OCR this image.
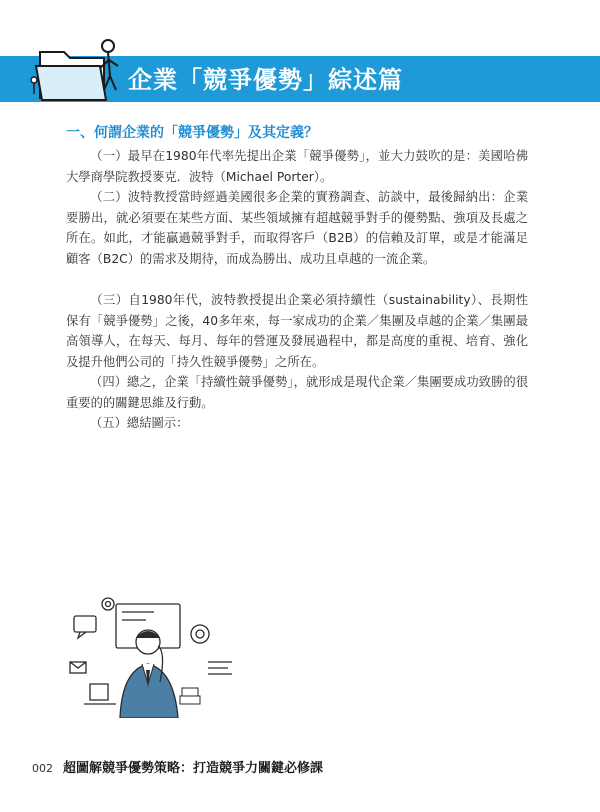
企業「競爭優勢」綜述篇
一、何謂企業的「競爭優勢」及其定義？

（一）最早在1980年代率先提出企業「競爭優勢」，並大力鼓吹的是：美國哈佛大學商學院教授麥克．波特（Michael Porter）。

（二）波特教授當時經過美國很多企業的實務調查、訪談中，最後歸納出：企業要勝出，就必須要在某些方面、某些領域擁有超越競爭對手的優勢點、強項及長處之所在。如此，才能贏過競爭對手，而取得客戶（B2B）的信賴及訂單，或是才能滿足顧客（B2C）的需求及期待，而成為勝出、成功且卓越的一流企業。

（三）自1980年代，波特教授提出企業必須持續性（sustainability）、長期性保有「競爭優勢」之後，40多年來，每一家成功的企業／集團及卓越的企業／集團最高領導人，在每天、每月、每年的營運及發展過程中，都是高度的重視、培育、強化及提升他們公司的「持久性競爭優勢」之所在。

（四）總之，企業「持續性競爭優勢」，就形成是現代企業／集團要成功致勝的很重要的的關鍵思維及行動。

（五）總結圖示：

002 超圖解競爭優勢策略：打造競爭力關鍵必修課
